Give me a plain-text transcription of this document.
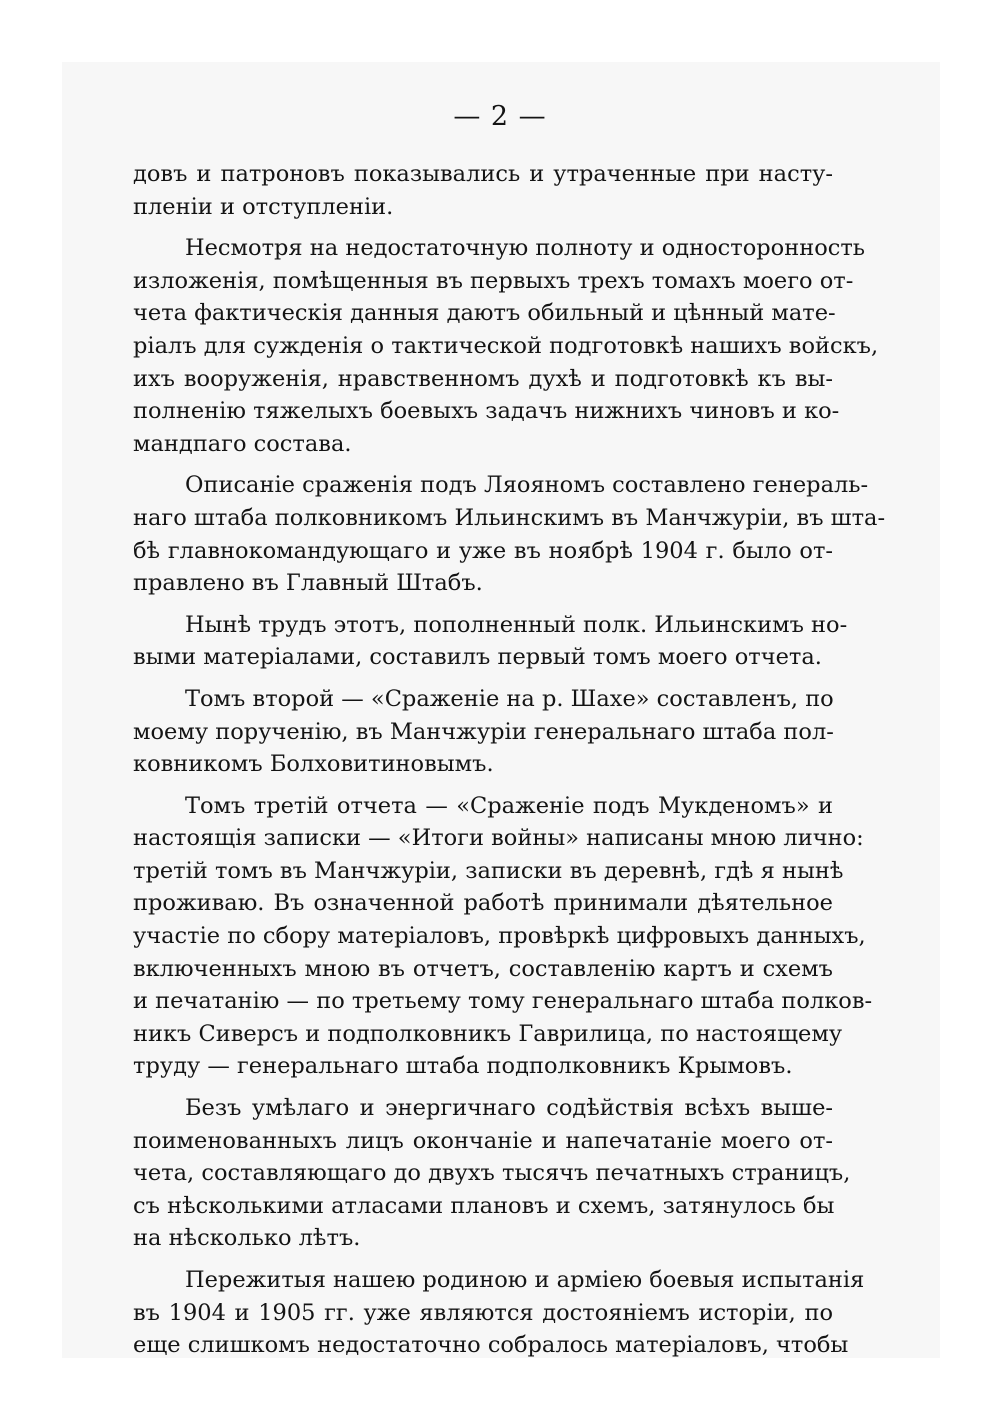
— 2 —
довъ и патроновъ показывались и утраченные при насту-
пленіи и отступленіи.
Несмотря на недостаточную полноту и односторонность
изложенія, помѣщенныя въ первыхъ трехъ томахъ моего от-
чета фактическія данныя даютъ обильный и цѣнный мате-
ріалъ для сужденія о тактической подготовкѣ нашихъ войскъ,
ихъ вооруженія, нравственномъ духѣ и подготовкѣ къ вы-
полненію тяжелыхъ боевыхъ задачъ нижнихъ чиновъ и ко-
мандпаго состава.
Описаніе сраженія подъ Ляояномъ составлено генераль-
наго штаба полковникомъ Ильинскимъ въ Манчжуріи, въ шта-
бѣ главнокомандующаго и уже въ ноябрѣ 1904 г. было от-
правлено въ Главный Штабъ.
Нынѣ трудъ этотъ, пополненный полк. Ильинскимъ но-
выми матеріалами, составилъ первый томъ моего отчета.
Томъ второй — «Сраженіе на р. Шахе» составленъ, по
моему порученію, въ Манчжуріи генеральнаго штаба пол-
ковникомъ Болховитиновымъ.
Томъ третій отчета — «Сраженіе подъ Мукденомъ» и
настоящія записки — «Итоги войны» написаны мною лично:
третій томъ въ Манчжуріи, записки въ деревнѣ, гдѣ я нынѣ
проживаю. Въ означенной работѣ принимали дѣятельное
участіе по сбору матеріаловъ, провѣркѣ цифровыхъ данныхъ,
включенныхъ мною въ отчетъ, составленію картъ и схемъ
и печатанію — по третьему тому генеральнаго штаба полков-
никъ Сиверсъ и подполковникъ Гаврилица, по настоящему
труду — генеральнаго штаба подполковникъ Крымовъ.
Безъ умѣлаго и энергичнаго содѣйствія всѣхъ выше-
поименованныхъ лицъ окончаніе и напечатаніе моего от-
чета, составляющаго до двухъ тысячъ печатныхъ страницъ,
съ нѣсколькими атласами плановъ и схемъ, затянулось бы
на нѣсколько лѣтъ.
Пережитыя нашею родиною и арміею боевыя испытанія
въ 1904 и 1905 гг. уже являются достояніемъ исторіи, по
еще слишкомъ недостаточно собралось матеріаловъ, чтобы
